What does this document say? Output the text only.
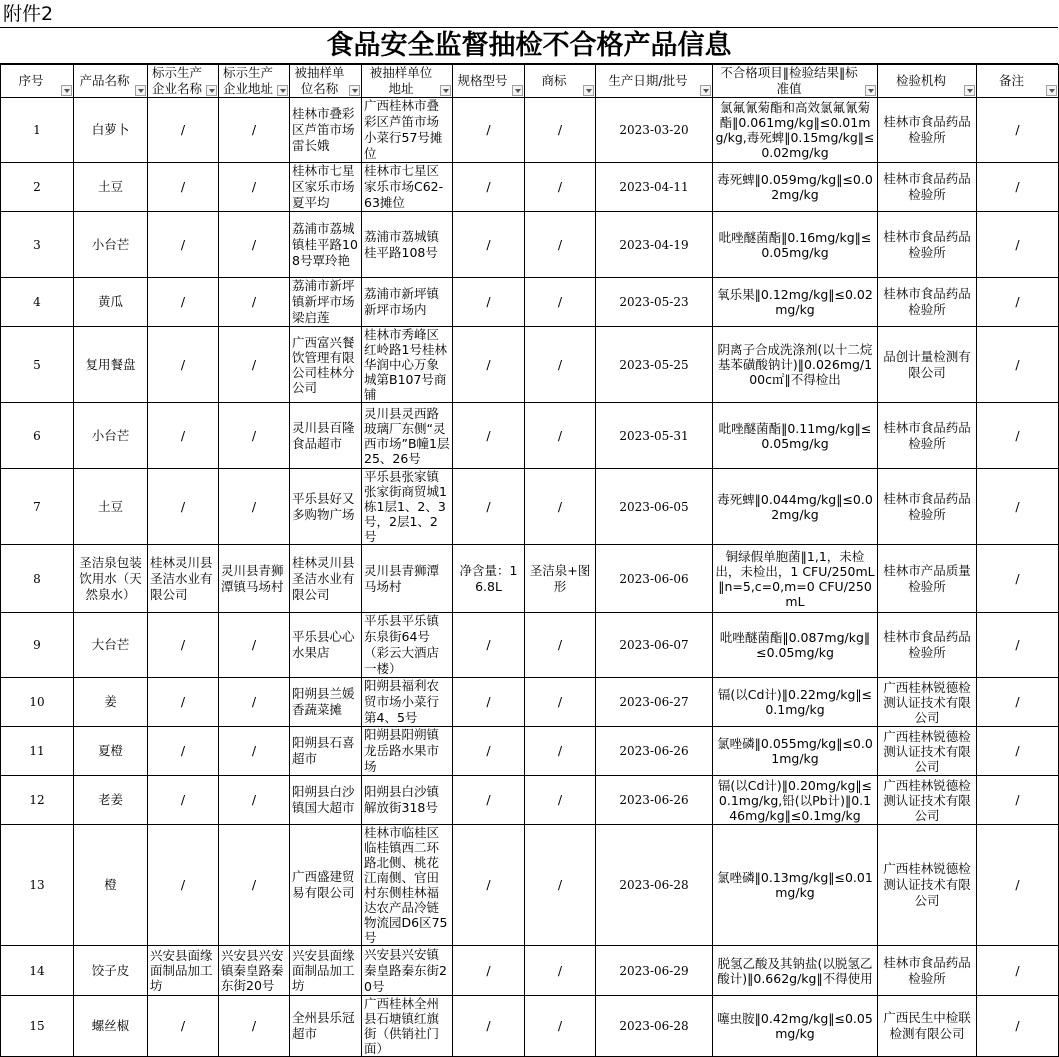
附件2
食品安全监督抽检不合格产品信息
序号	产品名称	标示生产企业名称	标示生产企业地址	被抽样单位名称	被抽样单位地址	规格型号	商标	生产日期/批号	不合格项目‖检验结果‖标准值	检验机构	备注

1	白萝卜	/	/	桂林市叠彩区芦笛市场雷长娥	广西桂林市叠彩区芦笛市场小菜行57号摊位	/	/	2023-03-20	氯氟氰菊酯和高效氯氟氰菊酯‖0.061mg/kg‖≤0.01mg/kg,毒死蜱‖0.15mg/kg‖≤0.02mg/kg	桂林市食品药品检验所	/
2	土豆	/	/	桂林市七星区家乐市场夏平均	桂林市七星区家乐市场C62-63摊位	/	/	2023-04-11	毒死蜱‖0.059mg/kg‖≤0.02mg/kg	桂林市食品药品检验所	/
3	小台芒	/	/	荔浦市荔城镇桂平路108号覃玲艳	荔浦市荔城镇桂平路108号	/	/	2023-04-19	吡唑醚菌酯‖0.16mg/kg‖≤0.05mg/kg	桂林市食品药品检验所	/
4	黄瓜	/	/	荔浦市新坪镇新坪市场梁启莲	荔浦市新坪镇新坪市场内	/	/	2023-05-23	氧乐果‖0.12mg/kg‖≤0.02mg/kg	桂林市食品药品检验所	/
5	复用餐盘	/	/	广西富兴餐饮管理有限公司桂林分公司	桂林市秀峰区红岭路1号桂林华润中心万象城第B107号商铺	/	/	2023-05-25	阴离子合成洗涤剂(以十二烷基苯磺酸钠计)‖0.026mg/100c㎡‖不得检出	品创计量检测有限公司	/
6	小台芒	/	/	灵川县百隆食品超市	灵川县灵西路玻璃厂东侧“灵西市场”B幢1层25、26号	/	/	2023-05-31	吡唑醚菌酯‖0.11mg/kg‖≤0.05mg/kg	桂林市食品药品检验所	/
7	土豆	/	/	平乐县好又多购物广场	平乐县张家镇张家街商贸城1栋1层1、2、3号，2层1、2号	/	/	2023-06-05	毒死蜱‖0.044mg/kg‖≤0.02mg/kg	桂林市食品药品检验所	/
8	圣洁泉包装饮用水（天然泉水）	桂林灵川县圣洁水业有限公司	灵川县青狮潭镇马场村	桂林灵川县圣洁水业有限公司	灵川县青狮潭马场村	净含量：16.8L	圣洁泉+图形	2023-06-06	铜绿假单胞菌‖1,1，未检出，未检出，1 CFU/250mL‖n=5,c=0,m=0 CFU/250mL	桂林市产品质量检验所	/
9	大台芒	/	/	平乐县心心水果店	平乐县平乐镇东泉街64号（彩云大酒店一楼）	/	/	2023-06-07	吡唑醚菌酯‖0.087mg/kg‖≤0.05mg/kg	桂林市食品药品检验所	/
10	姜	/	/	阳朔县兰媛香蔬菜摊	阳朔县福利农贸市场小菜行第4、5号	/	/	2023-06-27	镉(以Cd计)‖0.22mg/kg‖≤0.1mg/kg	广西桂林锐德检测认证技术有限公司	/
11	夏橙	/	/	阳朔县石喜超市	阳朔县阳朔镇龙岳路水果市场	/	/	2023-06-26	氯唑磷‖0.055mg/kg‖≤0.01mg/kg	广西桂林锐德检测认证技术有限公司	/
12	老姜	/	/	阳朔县白沙镇国大超市	阳朔县白沙镇解放街318号	/	/	2023-06-26	镉(以Cd计)‖0.20mg/kg‖≤0.1mg/kg,铅(以Pb计)‖0.146mg/kg‖≤0.1mg/kg	广西桂林锐德检测认证技术有限公司	/
13	橙	/	/	广西盛建贸易有限公司	桂林市临桂区临桂镇西二环路北侧、桃花江南侧、官田村东侧桂林福达农产品冷链物流园D6区75号	/	/	2023-06-28	氯唑磷‖0.13mg/kg‖≤0.01mg/kg	广西桂林锐德检测认证技术有限公司	/
14	饺子皮	兴安县面缘面制品加工坊	兴安县兴安镇秦皇路秦东街20号	兴安县面缘面制品加工坊	兴安县兴安镇秦皇路秦东街20号	/	/	2023-06-29	脱氢乙酸及其钠盐(以脱氢乙酸计)‖0.662g/kg‖不得使用	桂林市食品药品检验所	/
15	螺丝椒	/	/	全州县乐冠超市	广西桂林全州县石塘镇红旗街（供销社门面）	/	/	2023-06-28	噻虫胺‖0.42mg/kg‖≤0.05mg/kg	广西民生中检联检测有限公司	/
